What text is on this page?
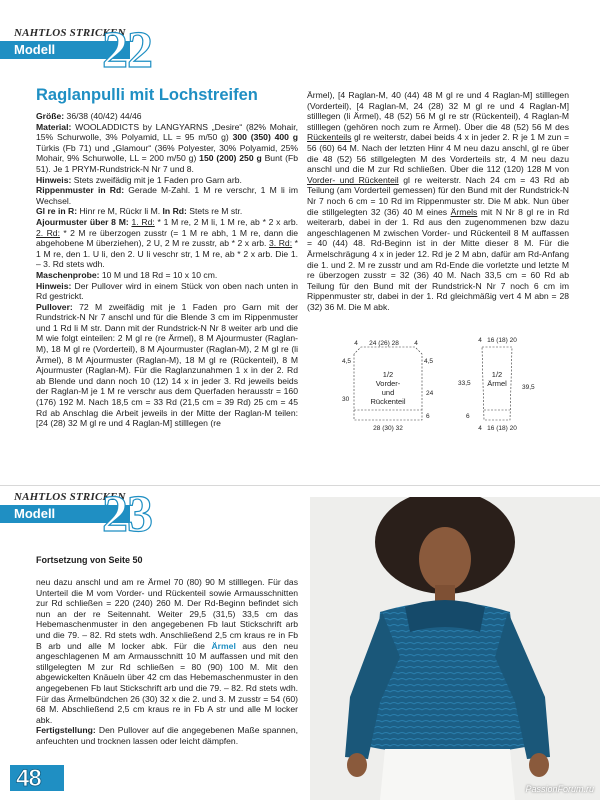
NAHTLOS STRICKEN
Modell 22
Raglanpulli mit Lochstreifen

Größe: 36/38 (40/42) 44/46

Material: WOOLADDICTS by LANGYARNS „Desire“ (82% Mohair, 15% Schurwolle, 3% Polyamid, LL = 95 m/50 g) 300 (350) 400 g Türkis (Fb 71) und „Glamour“ (36% Polyester, 30% Polyamid, 25% Mohair, 9% Schurwolle, LL = 200 m/50 g) 150 (200) 250 g Bunt (Fb 51). Je 1 PRYM-Rundstrick-N Nr 7 und 8.

Hinweis: Stets zweifädig mit je 1 Faden pro Garn arb.

Rippenmuster in Rd: Gerade M-Zahl. 1 M re verschr, 1 M li im Wechsel.

Gl re in R: Hinr re M, Rückr li M. In Rd: Stets re M str.

Ajourmuster über 8 M: 1. Rd: * 1 M re, 2 M li, 1 M re, ab * 2 x arb. 2. Rd: * 2 M re überzogen zusstr (= 1 M re abh, 1 M re, dann die abgehobene M überziehen), 2 U, 2 M re zusstr, ab * 2 x arb. 3. Rd: * 1 M re, den 1. U li, den 2. U li veschr str, 1 M re, ab * 2 x arb. Die 1. – 3. Rd stets wdh.

Maschenprobe: 10 M und 18 Rd = 10 x 10 cm.

Hinweis: Der Pullover wird in einem Stück von oben nach unten in Rd gestrickt.

Pullover: 72 M zweifädig mit je 1 Faden pro Garn mit der Rundstrick-N Nr 7 anschl und für die Blende 3 cm im Rippenmuster und 1 Rd li M str. Dann mit der Rundstrick-N Nr 8 weiter arb und die M wie folgt einteilen: 2 M gl re (re Ärmel), 8 M Ajourmuster (Raglan-M), 18 M gl re (Vorderteil), 8 M Ajourmuster (Raglan-M), 2 M gl re (li Ärmel), 8 M Ajourmuster (Raglan-M), 18 M gl re (Rückenteil), 8 M Ajourmuster (Raglan-M). Für die Raglanzunahmen 1 x in der 2. Rd ab Blende und dann noch 10 (12) 14 x in jeder 3. Rd jeweils beids der Raglan-M je 1 M re verschr aus dem Querfaden herausstr = 160 (176) 192 M. Nach 18,5 cm = 33 Rd (21,5 cm = 39 Rd) 25 cm = 45 Rd ab Anschlag die Arbeit jeweils in der Mitte der Raglan-M teilen: [24 (28) 32 M gl re und 4 Raglan-M] stilllegen (re

Ärmel), [4 Raglan-M, 40 (44) 48 M gl re und 4 Raglan-M] stilllegen (Vorderteil), [4 Raglan-M, 24 (28) 32 M gl re und 4 Raglan-M] stilllegen (li Ärmel), 48 (52) 56 M gl re str (Rückenteil), 4 Raglan-M stilllegen (gehören noch zum re Ärmel). Über die 48 (52) 56 M des Rückenteils gl re weiterstr, dabei beids 4 x in jeder 2. R je 1 M zun = 56 (60) 64 M. Nach der letzten Hinr 4 M neu dazu anschl, gl re über die 48 (52) 56 stillgelegten M des Vorderteils str, 4 M neu dazu anschl und die M zur Rd schließen. Über die 112 (120) 128 M von Vorder- und Rückenteil gl re weiterstr. Nach 24 cm = 43 Rd ab Teilung (am Vorderteil gemessen) für den Bund mit der Rundstrick-N Nr 7 noch 6 cm = 10 Rd im Rippenmuster str. Die M abk. Nun über die stillgelegten 32 (36) 40 M eines Ärmels mit N Nr 8 gl re in Rd weiterarb, dabei in der 1. Rd aus den zugenommenen bzw dazu angeschlagenen M zwischen Vorder- und Rückenteil 8 M auffassen = 40 (44) 48. Rd-Beginn ist in der Mitte dieser 8 M. Für die Ärmelschrägung 4 x in jeder 12. Rd je 2 M abn, dafür am Rd-Anfang die 1. und 2. M re zusstr und am Rd-Ende die vorletzte und letzte M re überzogen zusstr = 32 (36) 40 M. Nach 33,5 cm = 60 Rd ab Teilung für den Bund mit der Rundstrick-N Nr 7 noch 6 cm im Rippenmuster str, dabei in der 1. Rd gleichmäßig vert 4 M abn = 28 (32) 36 M. Die M abk.

1/2
Vorder-
und
Rückenteil
24 (26) 28
4	4
4,5	4,5
30
24
6
28 (30) 32
1/2
Ärmel
4 16 (18) 20
33,5
39,5
6
4 16 (18) 20
NAHTLOS STRICKEN
Modell 23
Fortsetzung von Seite 50

neu dazu anschl und am re Ärmel 70 (80) 90 M stilllegen. Für das Unterteil die M vom Vorder- und Rückenteil sowie Armausschnitten zur Rd schließen = 220 (240) 260 M. Der Rd-Beginn befindet sich nun an der re Seitennaht. Weiter 29,5 (31,5) 33,5 cm das Hebemaschenmuster in den angegebenen Fb laut Stickschrift arb und die 79. – 82. Rd stets wdh. Anschließend 2,5 cm kraus re in Fb B arb und alle M locker abk. Für die Ärmel aus den neu angeschlagenen M am Armausschnitt 10 M auffassen und mit den stillgelegten M zur Rd schließen = 80 (90) 100 M. Mit den abgewickelten Knäueln über 42 cm das Hebemaschenmuster in den angegebenen Fb laut Stickschrift arb und die 79. – 82. Rd stets wdh. Für das Ärmelbündchen 26 (30) 32 x die 2. und 3. M zusstr = 54 (60) 68 M. Abschließend 2,5 cm kraus re in Fb A str und alle M locker abk.

Fertigstellung: Den Pullover auf die angegebenen Maße spannen, anfeuchten und trocknen lassen oder leicht dämpfen.

48	PassionForum.ru
